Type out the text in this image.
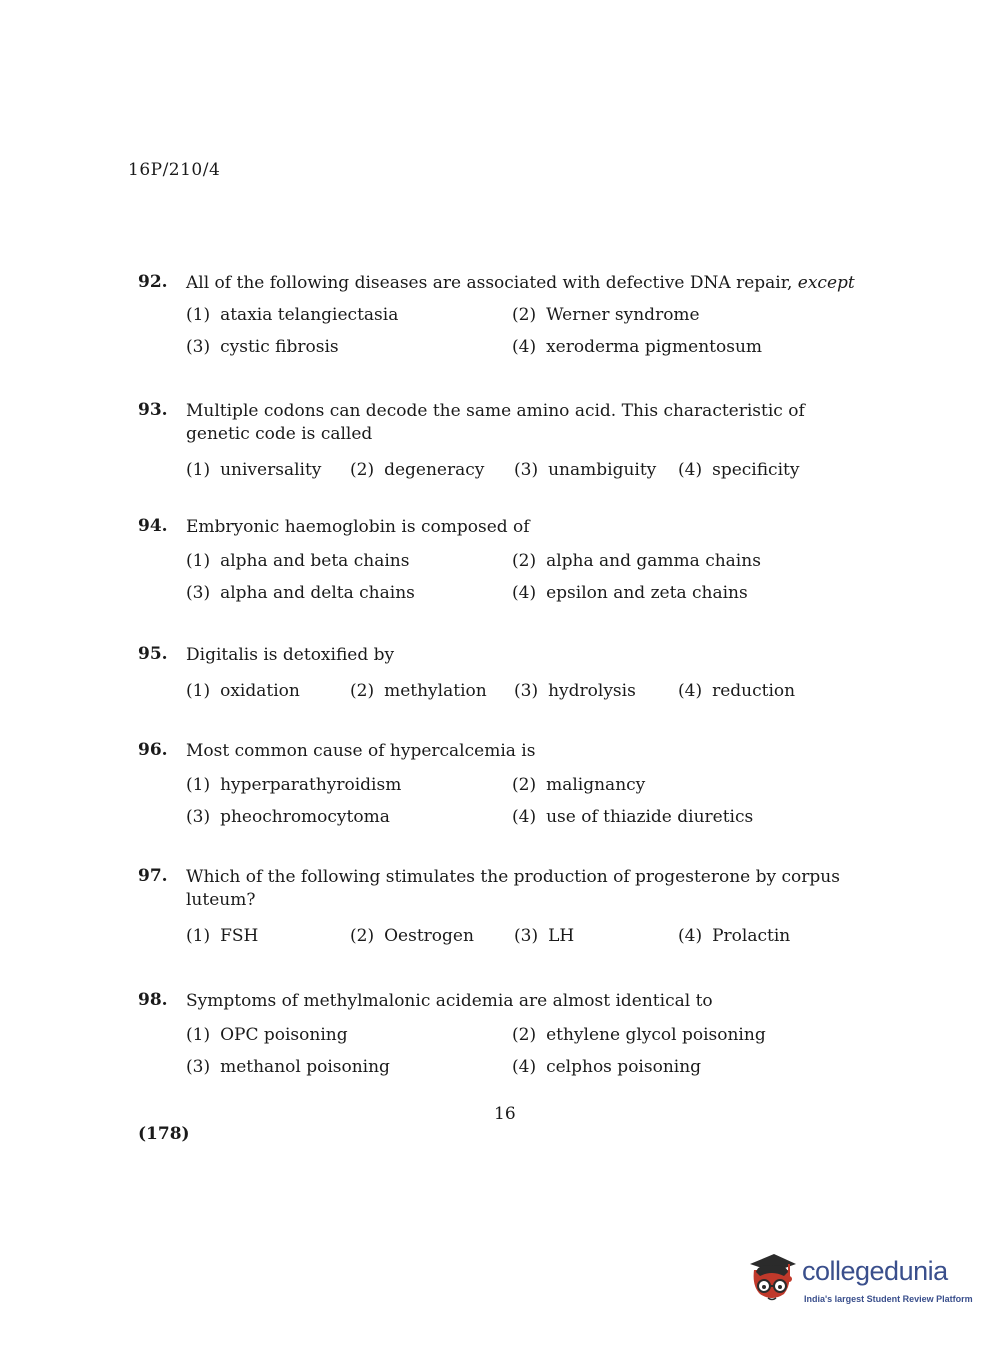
16P/210/4
92.	All of the following diseases are associated with defective DNA repair, except
(1) ataxia telangiectasia	(2) Werner syndrome
(3) cystic fibrosis	(4) xeroderma pigmentosum
93.	Multiple codons can decode the same amino acid. This characteristic of genetic code is called
(1) universality	(2) degeneracy	(3) unambiguity	(4) specificity
94.	Embryonic haemoglobin is composed of
(1) alpha and beta chains	(2) alpha and gamma chains
(3) alpha and delta chains	(4) epsilon and zeta chains
95.	Digitalis is detoxified by
(1) oxidation	(2) methylation	(3) hydrolysis	(4) reduction
96.	Most common cause of hypercalcemia is
(1) hyperparathyroidism	(2) malignancy
(3) pheochromocytoma	(4) use of thiazide diuretics
97.	Which of the following stimulates the production of progesterone by corpus luteum?
(1) FSH	(2) Oestrogen	(3) LH	(4) Prolactin
98.	Symptoms of methylmalonic acidemia are almost identical to
(1) OPC poisoning	(2) ethylene glycol poisoning
(3) methanol poisoning	(4) celphos poisoning
16
(178)
collegedunia
India's largest Student Review Platform
